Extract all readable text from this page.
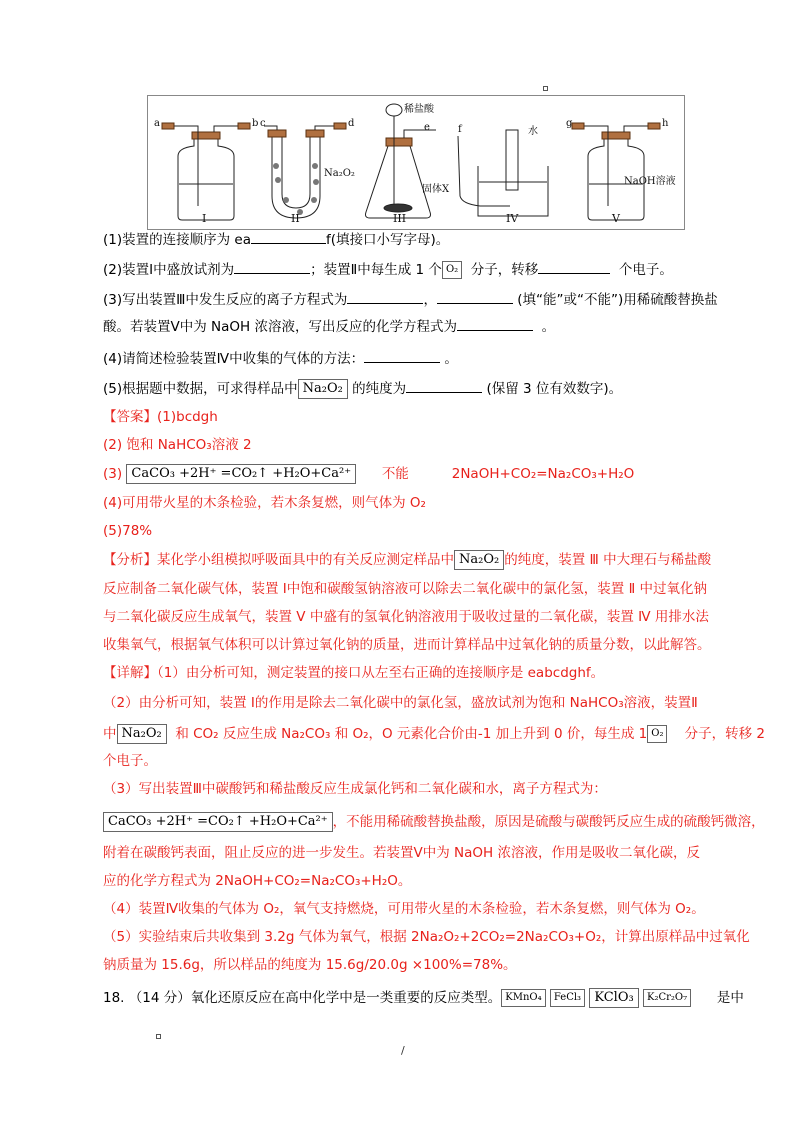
a	b c	d	e	f
g	h
稀盐酸
固体X
水
NaOH溶液
Na₂O₂
I	II	III	IV	V
(1)装置的连接顺序为 ea	f(填接口小写字母)。
(2)装置Ⅰ中盛放试剂为	；装置Ⅱ中每生成 1 个 O₂ 分子，转移	个电子。
(3)写出装置Ⅲ中发生反应的离子方程式为	，	(填“能”或“不能”)用稀硫酸替换盐
酸。若装置Ⅴ中为 NaOH 浓溶液，写出反应的化学方程式为	。
(4)请简述检验装置Ⅳ中收集的气体的方法：	。
(5)根据题中数据，可求得样品中 Na₂O₂ 的纯度为	(保留 3 位有效数字)。
【答案】(1)bcdgh
(2) 饱和 NaHCO₃溶液 2
(3) CaCO₃ +2H⁺ =CO₂↑ +H₂O+Ca²⁺ 不能	2NaOH+CO₂=Na₂CO₃+H₂O
(4)可用带火星的木条检验，若木条复燃，则气体为 O₂
(5)78%
【分析】某化学小组模拟呼吸面具中的有关反应测定样品中 Na₂O₂ 的纯度，装置 Ⅲ 中大理石与稀盐酸
反应制备二氧化碳气体，装置 Ⅰ中饱和碳酸氢钠溶液可以除去二氧化碳中的氯化氢，装置 Ⅱ 中过氧化钠
与二氧化碳反应生成氧气，装置 Ⅴ 中盛有的氢氧化钠溶液用于吸收过量的二氧化碳，装置 Ⅳ 用排水法
收集氧气，根据氧气体积可以计算过氧化钠的质量，进而计算样品中过氧化钠的质量分数，以此解答。
【详解】（1）由分析可知，测定装置的接口从左至右正确的连接顺序是 eabcdghf。
（2）由分析可知，装置 Ⅰ的作用是除去二氧化碳中的氯化氢，盛放试剂为饱和 NaHCO₃溶液，装置Ⅱ
中 Na₂O₂ 和 CO₂ 反应生成 Na₂CO₃ 和 O₂，O 元素化合价由-1 加上升到 0 价，每生成 1 O₂ 分子，转移 2
个电子。
（3）写出装置Ⅲ中碳酸钙和稀盐酸反应生成氯化钙和二氧化碳和水，离子方程式为：
CaCO₃ +2H⁺ =CO₂↑ +H₂O+Ca²⁺ ，不能用稀硫酸替换盐酸，原因是硫酸与碳酸钙反应生成的硫酸钙微溶，
附着在碳酸钙表面，阻止反应的进一步发生。若装置Ⅴ中为 NaOH 浓溶液，作用是吸收二氧化碳，反
应的化学方程式为 2NaOH+CO₂=Na₂CO₃+H₂O。
（4）装置Ⅳ收集的气体为 O₂，氧气支持燃烧，可用带火星的木条检验，若木条复燃，则气体为 O₂。
（5）实验结束后共收集到 3.2g 气体为氧气，根据 2Na₂O₂+2CO₂=2Na₂CO₃+O₂，计算出原样品中过氧化
钠质量为 15.6g，所以样品的纯度为 15.6g/20.0g ×100%=78%。
18. （14 分）氧化还原反应在高中化学中是一类重要的反应类型。 KMnO₄ FeCl₃ KClO₃ K₂Cr₂O₇ 是中
/
